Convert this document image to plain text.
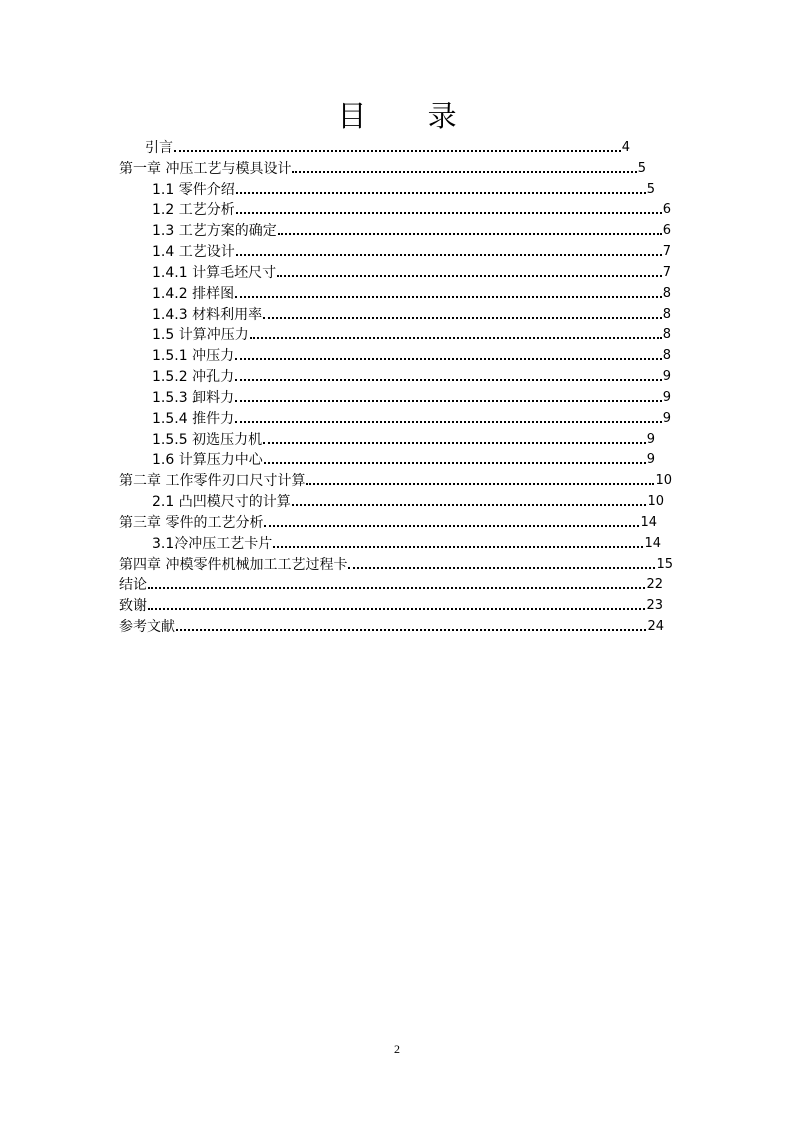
目 录
引言	4
第一章 冲压工艺与模具设计	5
1.1 零件介绍	5
1.2 工艺分析	6
1.3 工艺方案的确定	6
1.4 工艺设计	7
1.4.1 计算毛坯尺寸	7
1.4.2 排样图	8
1.4.3 材料利用率	8
1.5 计算冲压力	8
1.5.1 冲压力	8
1.5.2 冲孔力	9
1.5.3 卸料力	9
1.5.4 推件力	9
1.5.5 初选压力机	9
1.6 计算压力中心	9
第二章 工作零件刃口尺寸计算	10
2.1 凸凹模尺寸的计算	10
第三章 零件的工艺分析	14
3.1冷冲压工艺卡片	14
第四章 冲模零件机械加工工艺过程卡	15
结论	22
致谢	23
参考文献	24
2
